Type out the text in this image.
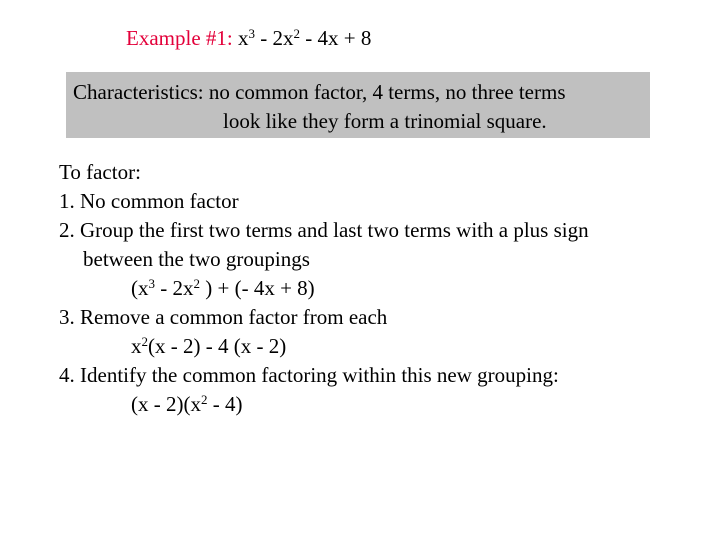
Example #1: $x^3 - 2x^2 - 4x + 8$
Characteristics: no common factor, 4 terms, no three terms
look like they form a trinomial square.
To factor:
1. No common factor
2. Group the first two terms and last two terms with a plus sign
between the two groupings
($x^3 - 2x^2$ ) + (- 4x + 8)
3. Remove a common factor from each
$x^2(x - 2) - 4$ (x - 2)
4. Identify the common factoring within this new grouping:
$(x - 2)(x^2 - 4)$
